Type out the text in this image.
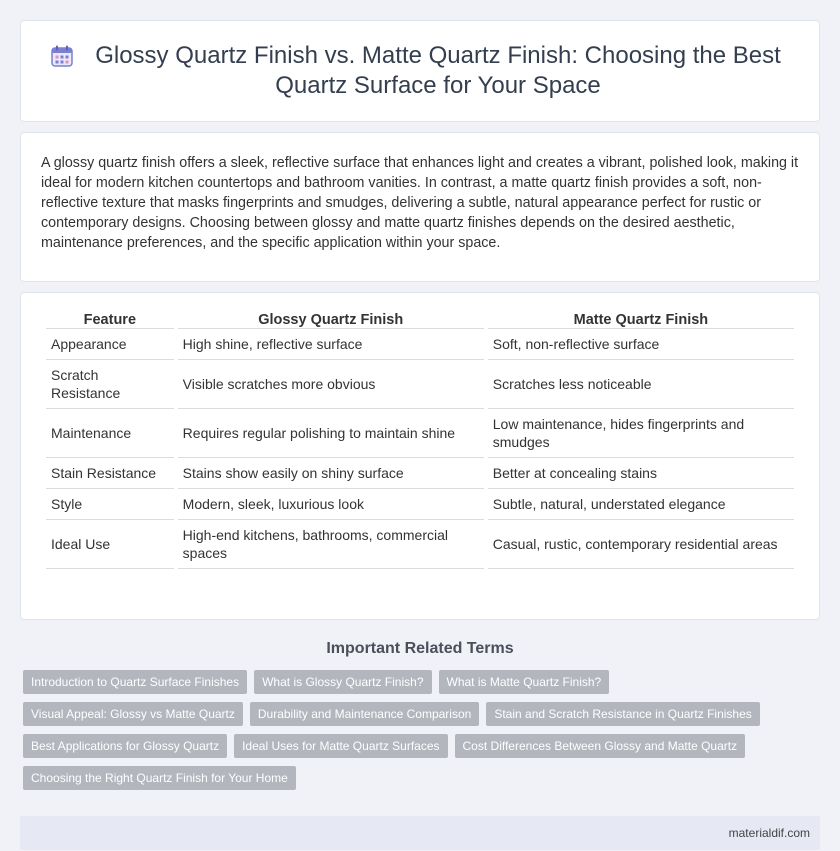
Glossy Quartz Finish vs. Matte Quartz Finish: Choosing the Best Quartz Surface for Your Space

A glossy quartz finish offers a sleek, reflective surface that enhances light and creates a vibrant, polished look, making it ideal for modern kitchen countertops and bathroom vanities. In contrast, a matte quartz finish provides a soft, non-reflective texture that masks fingerprints and smudges, delivering a subtle, natural appearance perfect for rustic or contemporary designs. Choosing between glossy and matte quartz finishes depends on the desired aesthetic, maintenance preferences, and the specific application within your space.

Feature	Glossy Quartz Finish	Matte Quartz Finish
Appearance	High shine, reflective surface	Soft, non-reflective surface
Scratch Resistance	Visible scratches more obvious	Scratches less noticeable
Maintenance	Requires regular polishing to maintain shine	Low maintenance, hides fingerprints and smudges
Stain Resistance	Stains show easily on shiny surface	Better at concealing stains
Style	Modern, sleek, luxurious look	Subtle, natural, understated elegance
Ideal Use	High-end kitchens, bathrooms, commercial spaces	Casual, rustic, contemporary residential areas
Important Related Terms
Introduction to Quartz Surface Finishes	What is Glossy Quartz Finish?	What is Matte Quartz Finish?
Visual Appeal: Glossy vs Matte Quartz	Durability and Maintenance Comparison	Stain and Scratch Resistance in Quartz Finishes
Best Applications for Glossy Quartz	Ideal Uses for Matte Quartz Surfaces	Cost Differences Between Glossy and Matte Quartz
Choosing the Right Quartz Finish for Your Home
materialdif.com
